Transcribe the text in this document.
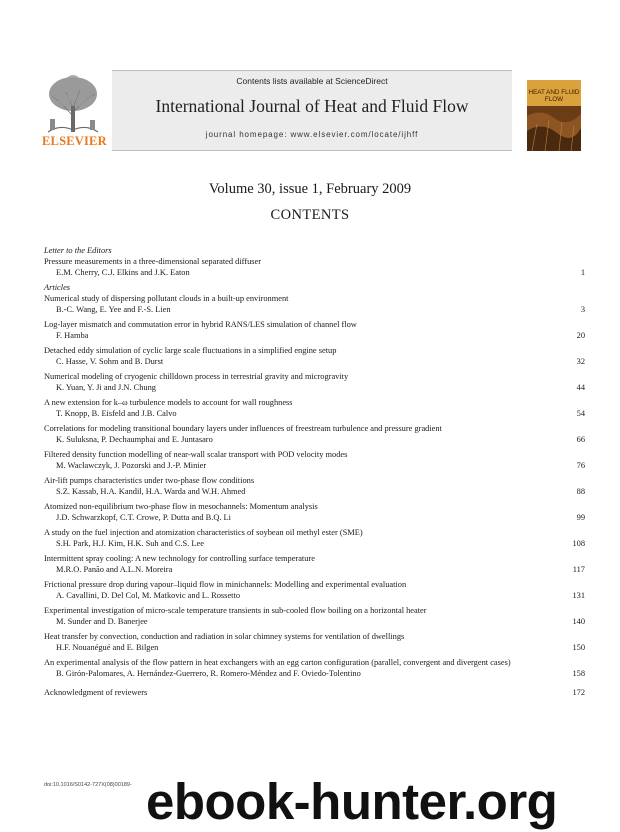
ELSEVIER
Contents lists available at ScienceDirect
International Journal of Heat and Fluid Flow
journal homepage: www.elsevier.com/locate/ijhff
HEAT AND FLUID FLOW
Volume 30, issue 1, February 2009
CONTENTS
Letter to the Editors
Pressure measurements in a three-dimensional separated diffuser
E.M. Cherry, C.J. Elkins and J.K. Eaton	1
Articles
Numerical study of dispersing pollutant clouds in a built-up environment
B.-C. Wang, E. Yee and F.-S. Lien	3
Log-layer mismatch and commutation error in hybrid RANS/LES simulation of channel flow
F. Hamba	20
Detached eddy simulation of cyclic large scale fluctuations in a simplified engine setup
C. Hasse, V. Sohm and B. Durst	32
Numerical modeling of cryogenic chilldown process in terrestrial gravity and microgravity
K. Yuan, Y. Ji and J.N. Chung	44
A new extension for k–ω turbulence models to account for wall roughness
T. Knopp, B. Eisfeld and J.B. Calvo	54
Correlations for modeling transitional boundary layers under influences of freestream turbulence and pressure gradient
K. Suluksna, P. Dechaumphai and E. Juntasaro	66
Filtered density function modelling of near-wall scalar transport with POD velocity modes
M. Wacławczyk, J. Pozorski and J.-P. Minier	76
Air-lift pumps characteristics under two-phase flow conditions
S.Z. Kassab, H.A. Kandil, H.A. Warda and W.H. Ahmed	88
Atomized non-equilibrium two-phase flow in mesochannels: Momentum analysis
J.D. Schwarzkopf, C.T. Crowe, P. Dutta and B.Q. Li	99
A study on the fuel injection and atomization characteristics of soybean oil methyl ester (SME)
S.H. Park, H.J. Kim, H.K. Suh and C.S. Lee	108
Intermittent spray cooling: A new technology for controlling surface temperature
M.R.O. Panão and A.L.N. Moreira	117
Frictional pressure drop during vapour–liquid flow in minichannels: Modelling and experimental evaluation
A. Cavallini, D. Del Col, M. Matkovic and L. Rossetto	131
Experimental investigation of micro-scale temperature transients in sub-cooled flow boiling on a horizontal heater
M. Sunder and D. Banerjee	140
Heat transfer by convection, conduction and radiation in solar chimney systems for ventilation of dwellings
H.F. Nouanégué and E. Bilgen	150
An experimental analysis of the flow pattern in heat exchangers with an egg carton configuration (parallel, convergent and divergent cases)
B. Girón-Palomares, A. Hernández-Guerrero, R. Romero-Méndez and F. Oviedo-Tolentino	158
Acknowledgment of reviewers	172
doi:10.1016/S0142-727X(08)00189- ebook-hunter.org
